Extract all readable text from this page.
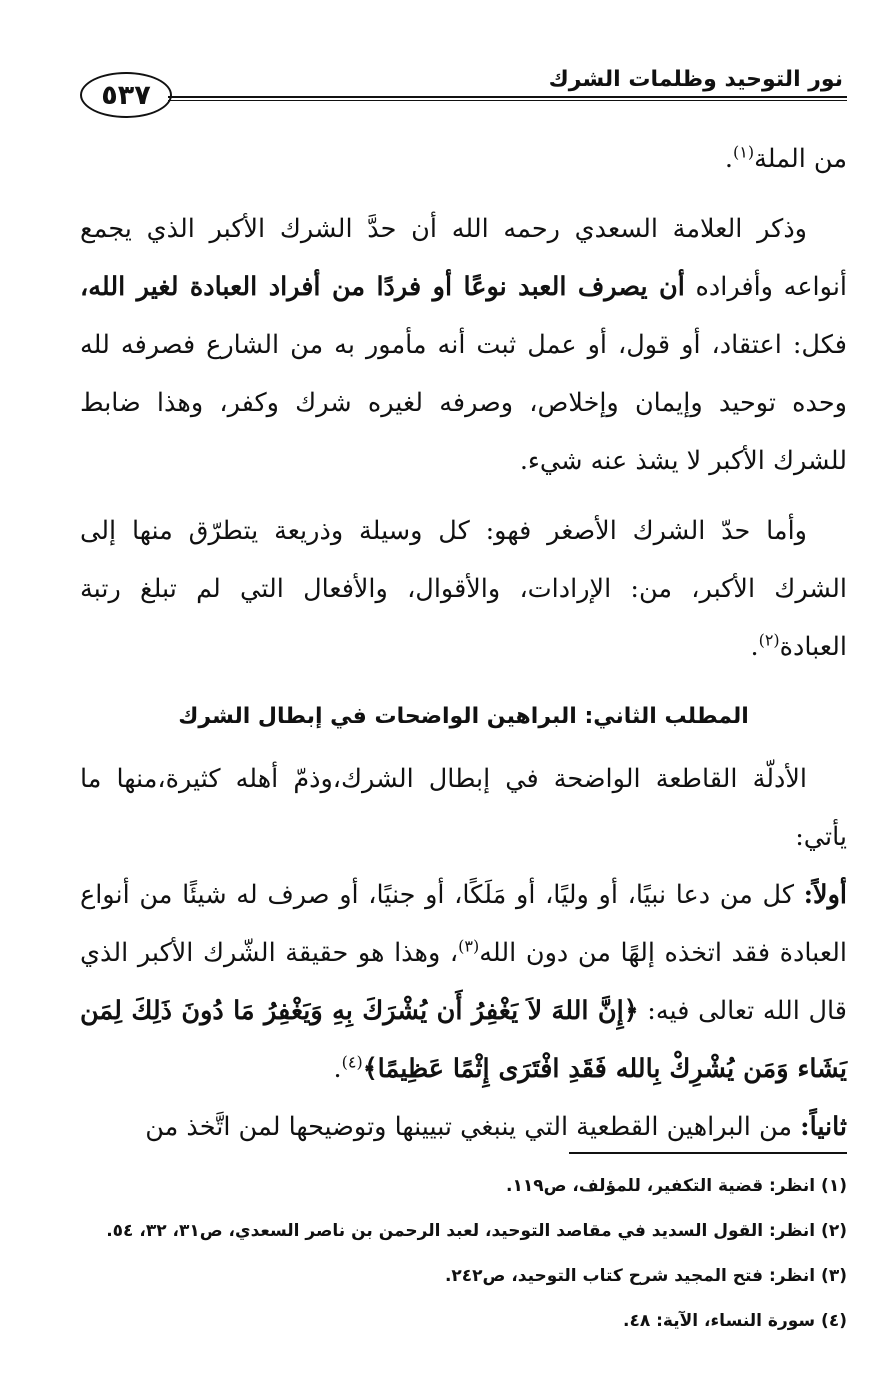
نور التوحيد وظلمات الشرك
٥٣٧

من الملة$^{(١)}$.

وذكر العلامة السعدي رحمه الله أن حدَّ الشرك الأكبر الذي يجمع أنواعه وأفراده أن يصرف العبد نوعًا أو فردًا من أفراد العبادة لغير الله، فكل: اعتقاد، أو قول، أو عمل ثبت أنه مأمور به من الشارع فصرفه لله وحده توحيد وإيمان وإخلاص، وصرفه لغيره شرك وكفر، وهذا ضابط للشرك الأكبر لا يشذ عنه شيء.

وأما حدّ الشرك الأصغر فهو: كل وسيلة وذريعة يتطرّق منها إلى الشرك الأكبر، من: الإرادات، والأقوال، والأفعال التي لم تبلغ رتبة العبادة$^{(٢)}$.

المطلب الثاني: البراهين الواضحات في إبطال الشرك

الأدلّة القاطعة الواضحة في إبطال الشرك،وذمّ أهله كثيرة،منها ما يأتي:

أولاً: كل من دعا نبيًا، أو وليًا، أو مَلَكًا، أو جنيًا، أو صرف له شيئًا من أنواع العبادة فقد اتخذه إلهًا من دون الله$^{(٣)}$، وهذا هو حقيقة الشّرك الأكبر الذي قال الله تعالى فيه: ﴿إِنَّ اللهَ لاَ يَغْفِرُ أَن يُشْرَكَ بِهِ وَيَغْفِرُ مَا دُونَ ذَلِكَ لِمَن يَشَاء وَمَن يُشْرِكْ بِالله فَقَدِ افْتَرَى إِثْمًا عَظِيمًا﴾$^{(٤)}$.

ثانياً: من البراهين القطعية التي ينبغي تبيينها وتوضيحها لمن اتَّخذ من

(١) انظر: قضية التكفير، للمؤلف، ص١١٩.
(٢) انظر: القول السديد في مقاصد التوحيد، لعبد الرحمن بن ناصر السعدي، ص٣١، ٣٢، ٥٤.
(٣) انظر: فتح المجيد شرح كتاب التوحيد، ص٢٤٢.
(٤) سورة النساء، الآية: ٤٨.
